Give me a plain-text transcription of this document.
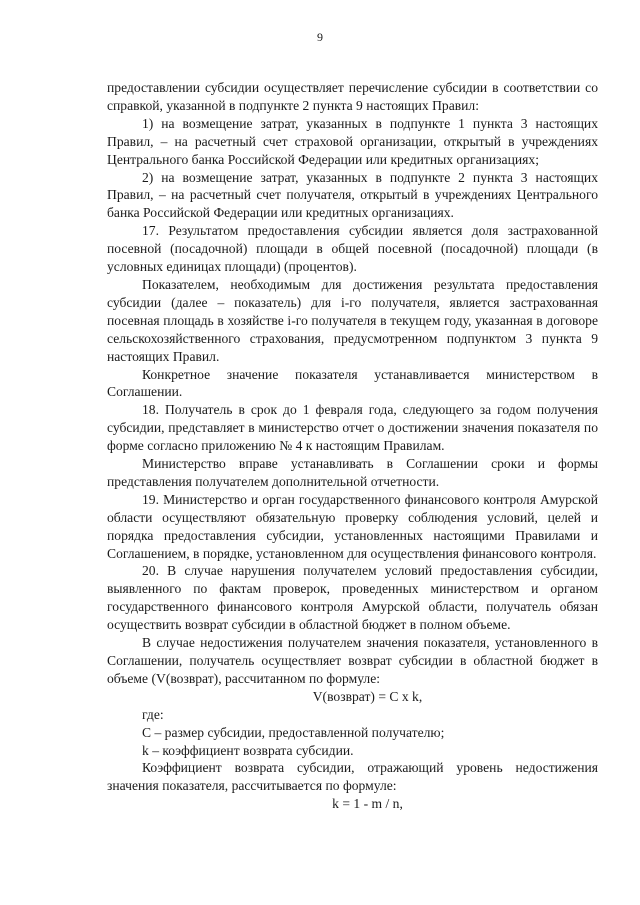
9

предоставлении субсидии осуществляет перечисление субсидии в соответствии со справкой, указанной в подпункте 2 пункта 9 настоящих Правил:

1) на возмещение затрат, указанных в подпункте 1 пункта 3 настоящих Правил, – на расчетный счет страховой организации, открытый в учреждениях Центрального банка Российской Федерации или кредитных организациях;

2) на возмещение затрат, указанных в подпункте 2 пункта 3 настоящих Правил, – на расчетный счет получателя, открытый в учреждениях Центрального банка Российской Федерации или кредитных организациях.

17. Результатом предоставления субсидии является доля застрахованной посевной (посадочной) площади в общей посевной (посадочной) площади (в условных единицах площади) (процентов).

Показателем, необходимым для достижения результата предоставления субсидии (далее – показатель) для i-го получателя, является застрахованная посевная площадь в хозяйстве i-го получателя в текущем году, указанная в договоре сельскохозяйственного страхования, предусмотренном подпунктом 3 пункта 9 настоящих Правил.

Конкретное значение показателя устанавливается министерством в Соглашении.

18. Получатель в срок до 1 февраля года, следующего за годом получения субсидии, представляет в министерство отчет о достижении значения показателя по форме согласно приложению № 4 к настоящим Правилам.

Министерство вправе устанавливать в Соглашении сроки и формы представления получателем дополнительной отчетности.

19. Министерство и орган государственного финансового контроля Амурской области осуществляют обязательную проверку соблюдения условий, целей и порядка предоставления субсидии, установленных настоящими Правилами и Соглашением, в порядке, установленном для осуществления финансового контроля.

20. В случае нарушения получателем условий предоставления субсидии, выявленного по фактам проверок, проведенных министерством и органом государственного финансового контроля Амурской области, получатель обязан осуществить возврат субсидии в областной бюджет в полном объеме.

В случае недостижения получателем значения показателя, установленного в Соглашении, получатель осуществляет возврат субсидии в областной бюджет в объеме (V(возврат), рассчитанном по формуле:

V(возврат) = C x k,

где:

С – размер субсидии, предоставленной получателю;

k – коэффициент возврата субсидии.

Коэффициент возврата субсидии, отражающий уровень недостижения значения показателя, рассчитывается по формуле:

k = 1 - m / n,
